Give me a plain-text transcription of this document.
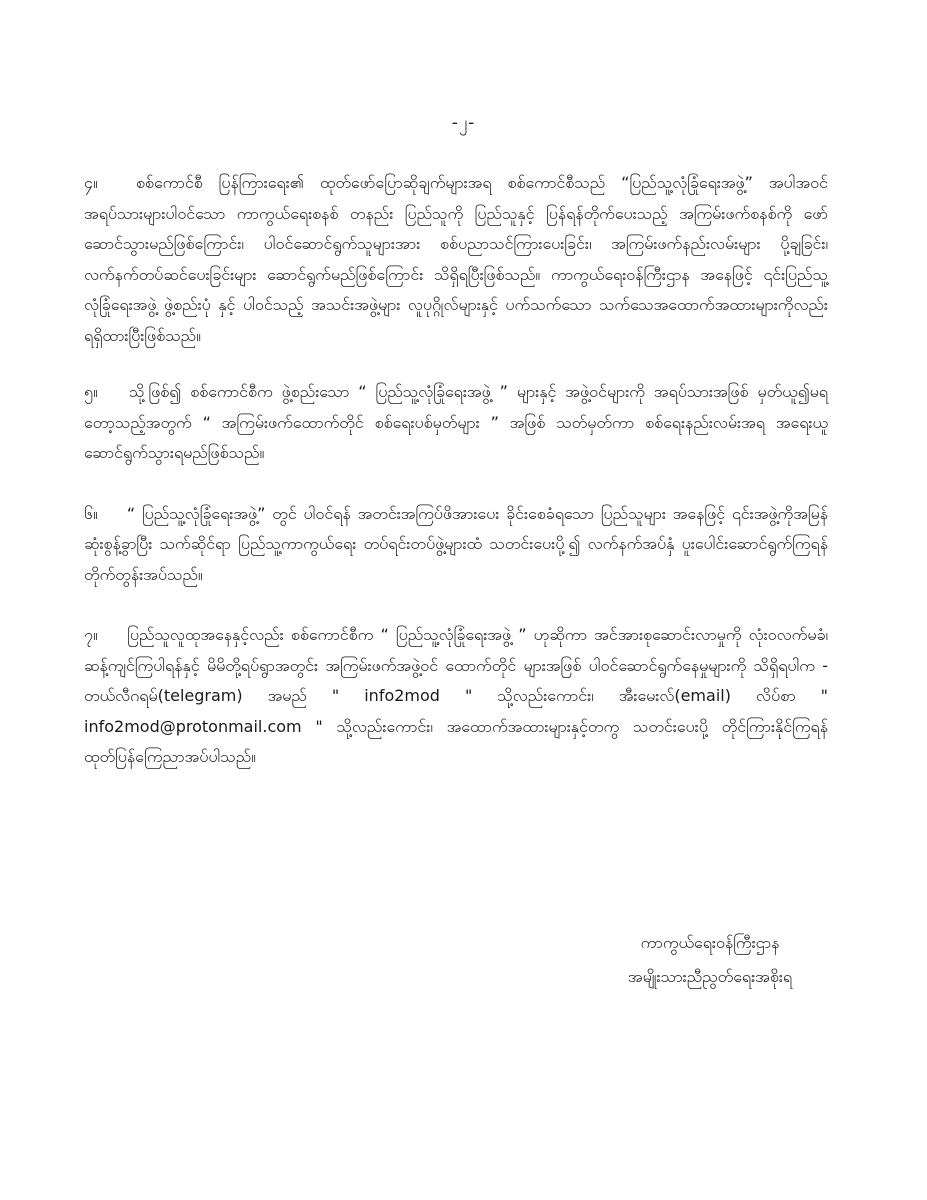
-၂-

၄။ စစ်ကောင်စီ ပြန်ကြားရေး၏ ထုတ်ဖော်ပြောဆိုချက်များအရ စစ်ကောင်စီသည် “ပြည်သူ့လုံခြုံရေးအဖွဲ့” အပါအဝင် အရပ်သားများပါဝင်သော ကာကွယ်ရေးစနစ် တနည်း ပြည်သူကို ပြည်သူနှင့် ပြန်ရန်တိုက်ပေးသည့် အကြမ်းဖက်စနစ်ကို ဖော်ဆောင်သွားမည်ဖြစ်ကြောင်း၊ ပါဝင်ဆောင်ရွက်သူများအား စစ်ပညာသင်ကြားပေးခြင်း၊ အကြမ်းဖက်နည်းလမ်းများ ပို့ချခြင်း၊ လက်နက်တပ်ဆင်ပေးခြင်းများ ဆောင်ရွက်မည်ဖြစ်ကြောင်း သိရှိရပြီးဖြစ်သည်။ ကာကွယ်ရေးဝန်ကြီးဌာန အနေဖြင့် ၎င်းပြည်သူ့လုံခြုံရေးအဖွဲ့ ဖွဲ့စည်းပုံ နှင့် ပါဝင်သည့် အသင်းအဖွဲ့များ လူပုဂ္ဂိုလ်များနှင့် ပက်သက်သော သက်သေအထောက်အထားများကိုလည်း ရရှိထားပြီးဖြစ်သည်။

၅။ သို့ဖြစ်၍ စစ်ကောင်စီက ဖွဲ့စည်းသော “ ပြည်သူ့လုံခြုံရေးအဖွဲ့ ” များနှင့် အဖွဲ့ဝင်များကို အရပ်သားအဖြစ် မှတ်ယူ၍မရတော့သည့်အတွက် “ အကြမ်းဖက်ထောက်တိုင် စစ်ရေးပစ်မှတ်များ ” အဖြစ် သတ်မှတ်ကာ စစ်ရေးနည်းလမ်းအရ အရေးယူ ဆောင်ရွက်သွားရမည်ဖြစ်သည်။

၆။ “ ပြည်သူ့လုံခြုံရေးအဖွဲ့” တွင် ပါဝင်ရန် အတင်းအကြပ်ဖိအားပေး ခိုင်းစေခံရသော ပြည်သူများ အနေဖြင့် ၎င်းအဖွဲ့ကိုအမြန်ဆုံးစွန့်ခွာပြီး သက်ဆိုင်ရာ ပြည်သူ့ကာကွယ်ရေး တပ်ရင်းတပ်ဖွဲ့များထံ သတင်းပေးပို့၍ လက်နက်အပ်နှံ ပူးပေါင်းဆောင်ရွက်ကြရန် တိုက်တွန်းအပ်သည်။

၇။ ပြည်သူလူထုအနေနှင့်လည်း စစ်ကောင်စီက “ ပြည်သူ့လုံခြုံရေးအဖွဲ့ ” ဟုဆိုကာ အင်အားစုဆောင်းလာမှုကို လုံးဝလက်မခံ၊ ဆန့်ကျင်ကြပါရန်နှင့် မိမိတို့ရပ်ရွာအတွင်း အကြမ်းဖက်အဖွဲ့ဝင် ထောက်တိုင် များအဖြစ် ပါဝင်ဆောင်ရွက်နေမှုများကို သိရှိရပါက - တယ်လီဂရမ်(telegram) အမည် " info2mod " သို့လည်းကောင်း၊ အီးမေးလ်(email) လိပ်စာ " info2mod@protonmail.com " သို့လည်းကောင်း၊ အထောက်အထားများနှင့်တကွ သတင်းပေးပို့ တိုင်ကြားနိုင်ကြရန် ထုတ်ပြန်ကြေညာအပ်ပါသည်။

ကာကွယ်ရေးဝန်ကြီးဌာန
အမျိုးသားညီညွတ်ရေးအစိုးရ
